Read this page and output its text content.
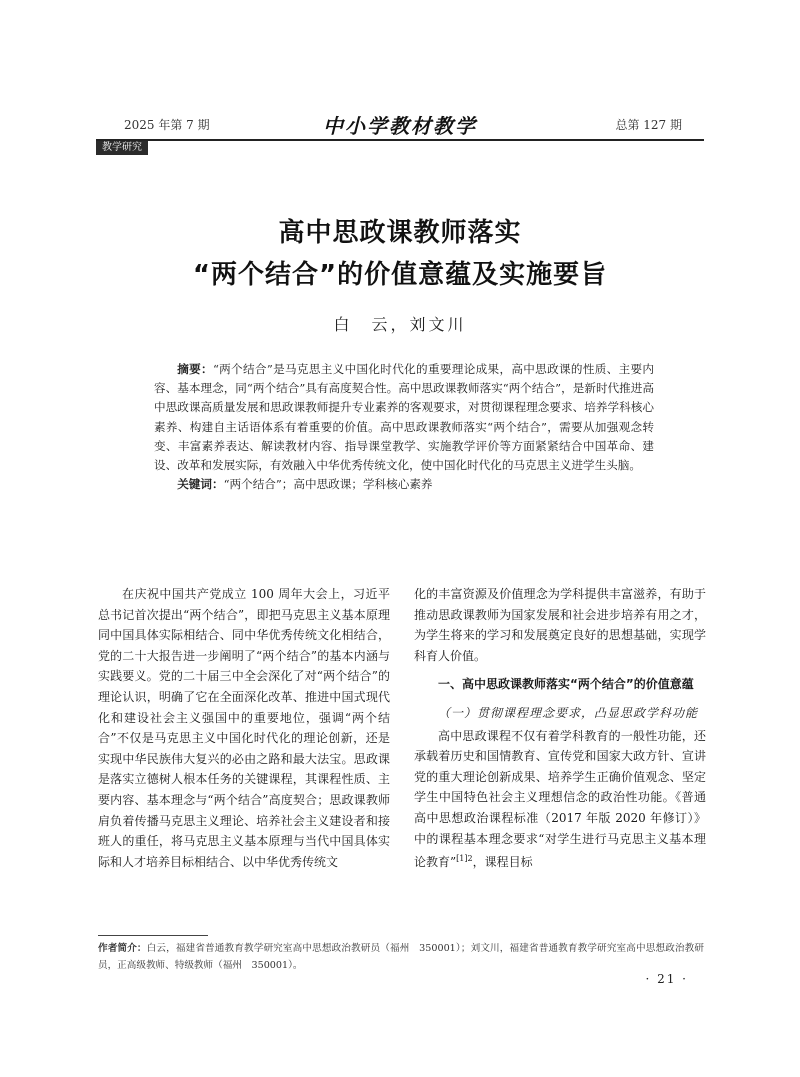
2025 年第 7 期	中小学教材教学	总第 127 期
教学研究
高中思政课教师落实
“两个结合”的价值意蕴及实施要旨
白　云，刘文川

摘要：“两个结合”是马克思主义中国化时代化的重要理论成果，高中思政课的性质、主要内容、基本理念，同“两个结合”具有高度契合性。高中思政课教师落实“两个结合”，是新时代推进高中思政课高质量发展和思政课教师提升专业素养的客观要求，对贯彻课程理念要求、培养学科核心素养、构建自主话语体系有着重要的价值。高中思政课教师落实“两个结合”，需要从加强观念转变、丰富素养表达、解读教材内容、指导课堂教学、实施教学评价等方面紧紧结合中国革命、建设、改革和发展实际，有效融入中华优秀传统文化，使中国化时代化的马克思主义进学生头脑。

关键词：“两个结合”；高中思政课；学科核心素养

在庆祝中国共产党成立 100 周年大会上，习近平总书记首次提出“两个结合”，即把马克思主义基本原理同中国具体实际相结合、同中华优秀传统文化相结合，党的二十大报告进一步阐明了“两个结合”的基本内涵与实践要义。党的二十届三中全会深化了对“两个结合”的理论认识，明确了它在全面深化改革、推进中国式现代化和建设社会主义强国中的重要地位，强调“两个结合”不仅是马克思主义中国化时代化的理论创新，还是实现中华民族伟大复兴的必由之路和最大法宝。思政课是落实立德树人根本任务的关键课程，其课程性质、主要内容、基本理念与“两个结合”高度契合；思政课教师肩负着传播马克思主义理论、培养社会主义建设者和接班人的重任，将马克思主义基本原理与当代中国具体实际和人才培养目标相结合、以中华优秀传统文

化的丰富资源及价值理念为学科提供丰富滋养，有助于推动思政课教师为国家发展和社会进步培养有用之才，为学生将来的学习和发展奠定良好的思想基础，实现学科育人价值。

一、高中思政课教师落实“两个结合”的价值意蕴

（一）贯彻课程理念要求，凸显思政学科功能

高中思政课程不仅有着学科教育的一般性功能，还承载着历史和国情教育、宣传党和国家大政方针、宣讲党的重大理论创新成果、培养学生正确价值观念、坚定学生中国特色社会主义理想信念的政治性功能。《普通高中思想政治课程标准（2017 年版 2020 年修订）》中的课程基本理念要求“对学生进行马克思主义基本理论教育”$^{[1]2}$，课程目标

作者简介：白云，福建省普通教育教学研究室高中思想政治教研员（福州　350001）；刘文川，福建省普通教育教学研究室高中思想政治教研员，正高级教师、特级教师（福州　350001）。
· 21 ·
